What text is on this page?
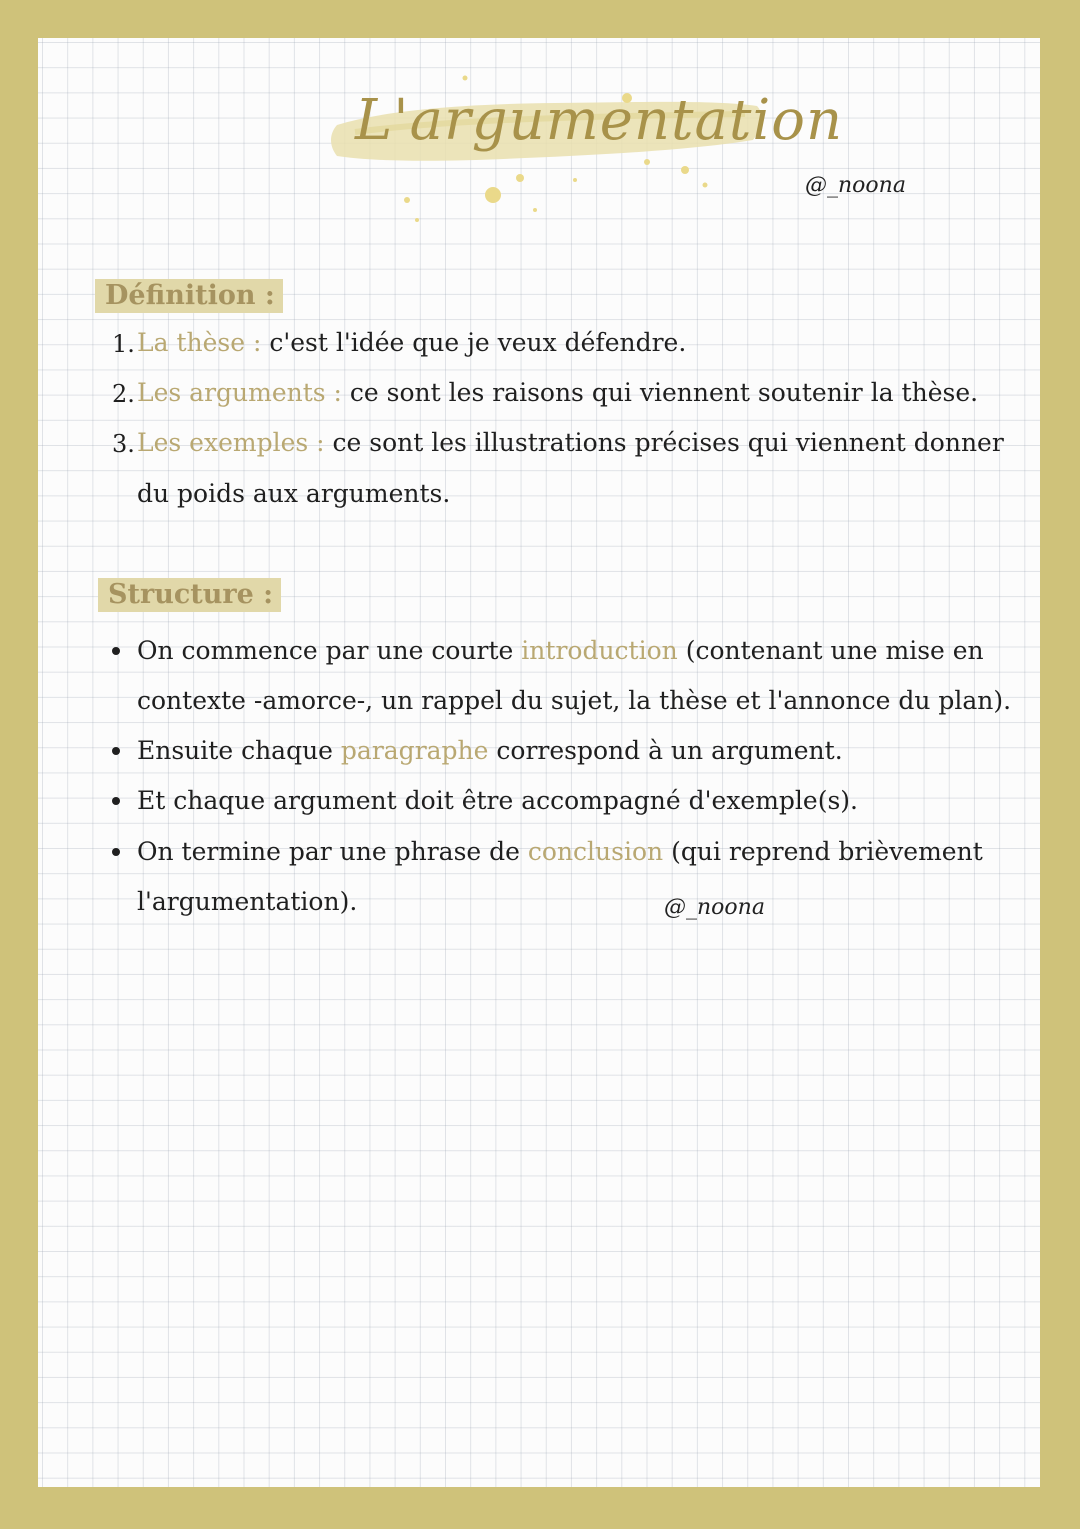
L'argumentation
@_noona
Définition :
1. La thèse : c'est l'idée que je veux défendre.
2. Les arguments : ce sont les raisons qui viennent soutenir la thèse.
3. Les exemples : ce sont les illustrations précises qui viennent donner
du poids aux arguments.
Structure :
On commence par une courte introduction (contenant une mise en
contexte -amorce-, un rappel du sujet, la thèse et l'annonce du plan).
Ensuite chaque paragraphe correspond à un argument.
Et chaque argument doit être accompagné d'exemple(s).
On termine par une phrase de conclusion (qui reprend brièvement
l'argumentation).	@_noona
